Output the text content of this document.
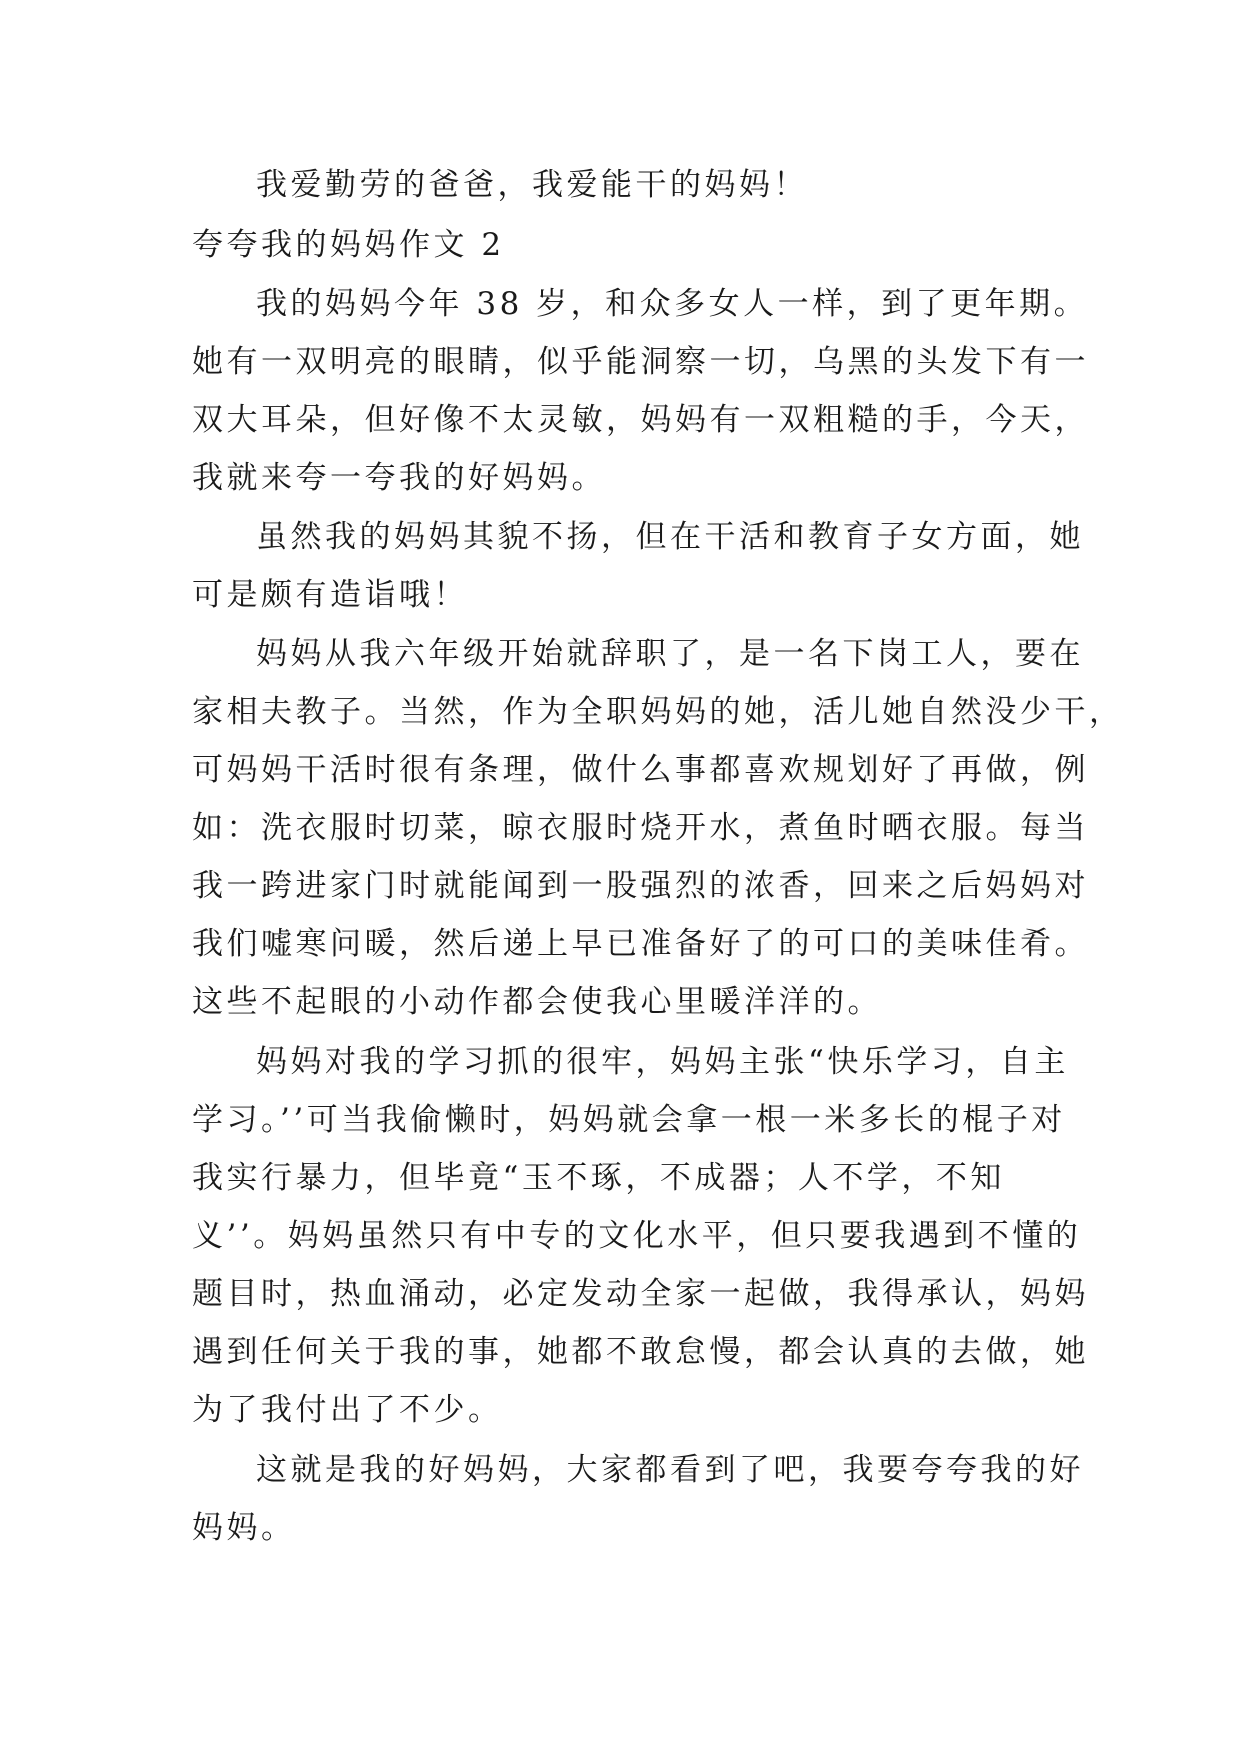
我爱勤劳的爸爸，我爱能干的妈妈！
夸夸我的妈妈作文 2
我的妈妈今年 38 岁，和众多女人一样，到了更年期。
她有一双明亮的眼睛，似乎能洞察一切，乌黑的头发下有一
双大耳朵，但好像不太灵敏，妈妈有一双粗糙的手，今天，
我就来夸一夸我的好妈妈。
虽然我的妈妈其貌不扬，但在干活和教育子女方面，她
可是颇有造诣哦！
妈妈从我六年级开始就辞职了，是一名下岗工人，要在
家相夫教子。当然，作为全职妈妈的她，活儿她自然没少干，
可妈妈干活时很有条理，做什么事都喜欢规划好了再做，例
如：洗衣服时切菜，晾衣服时烧开水，煮鱼时晒衣服。每当
我一跨进家门时就能闻到一股强烈的浓香，回来之后妈妈对
我们嘘寒问暖，然后递上早已准备好了的可口的美味佳肴。
这些不起眼的小动作都会使我心里暖洋洋的。
妈妈对我的学习抓的很牢，妈妈主张“快乐学习，自主
学习。’’可当我偷懒时，妈妈就会拿一根一米多长的棍子对
我实行暴力，但毕竟“玉不琢，不成器；人不学，不知
义’’。妈妈虽然只有中专的文化水平，但只要我遇到不懂的
题目时，热血涌动，必定发动全家一起做，我得承认，妈妈
遇到任何关于我的事，她都不敢怠慢，都会认真的去做，她
为了我付出了不少。
这就是我的好妈妈，大家都看到了吧，我要夸夸我的好
妈妈。
